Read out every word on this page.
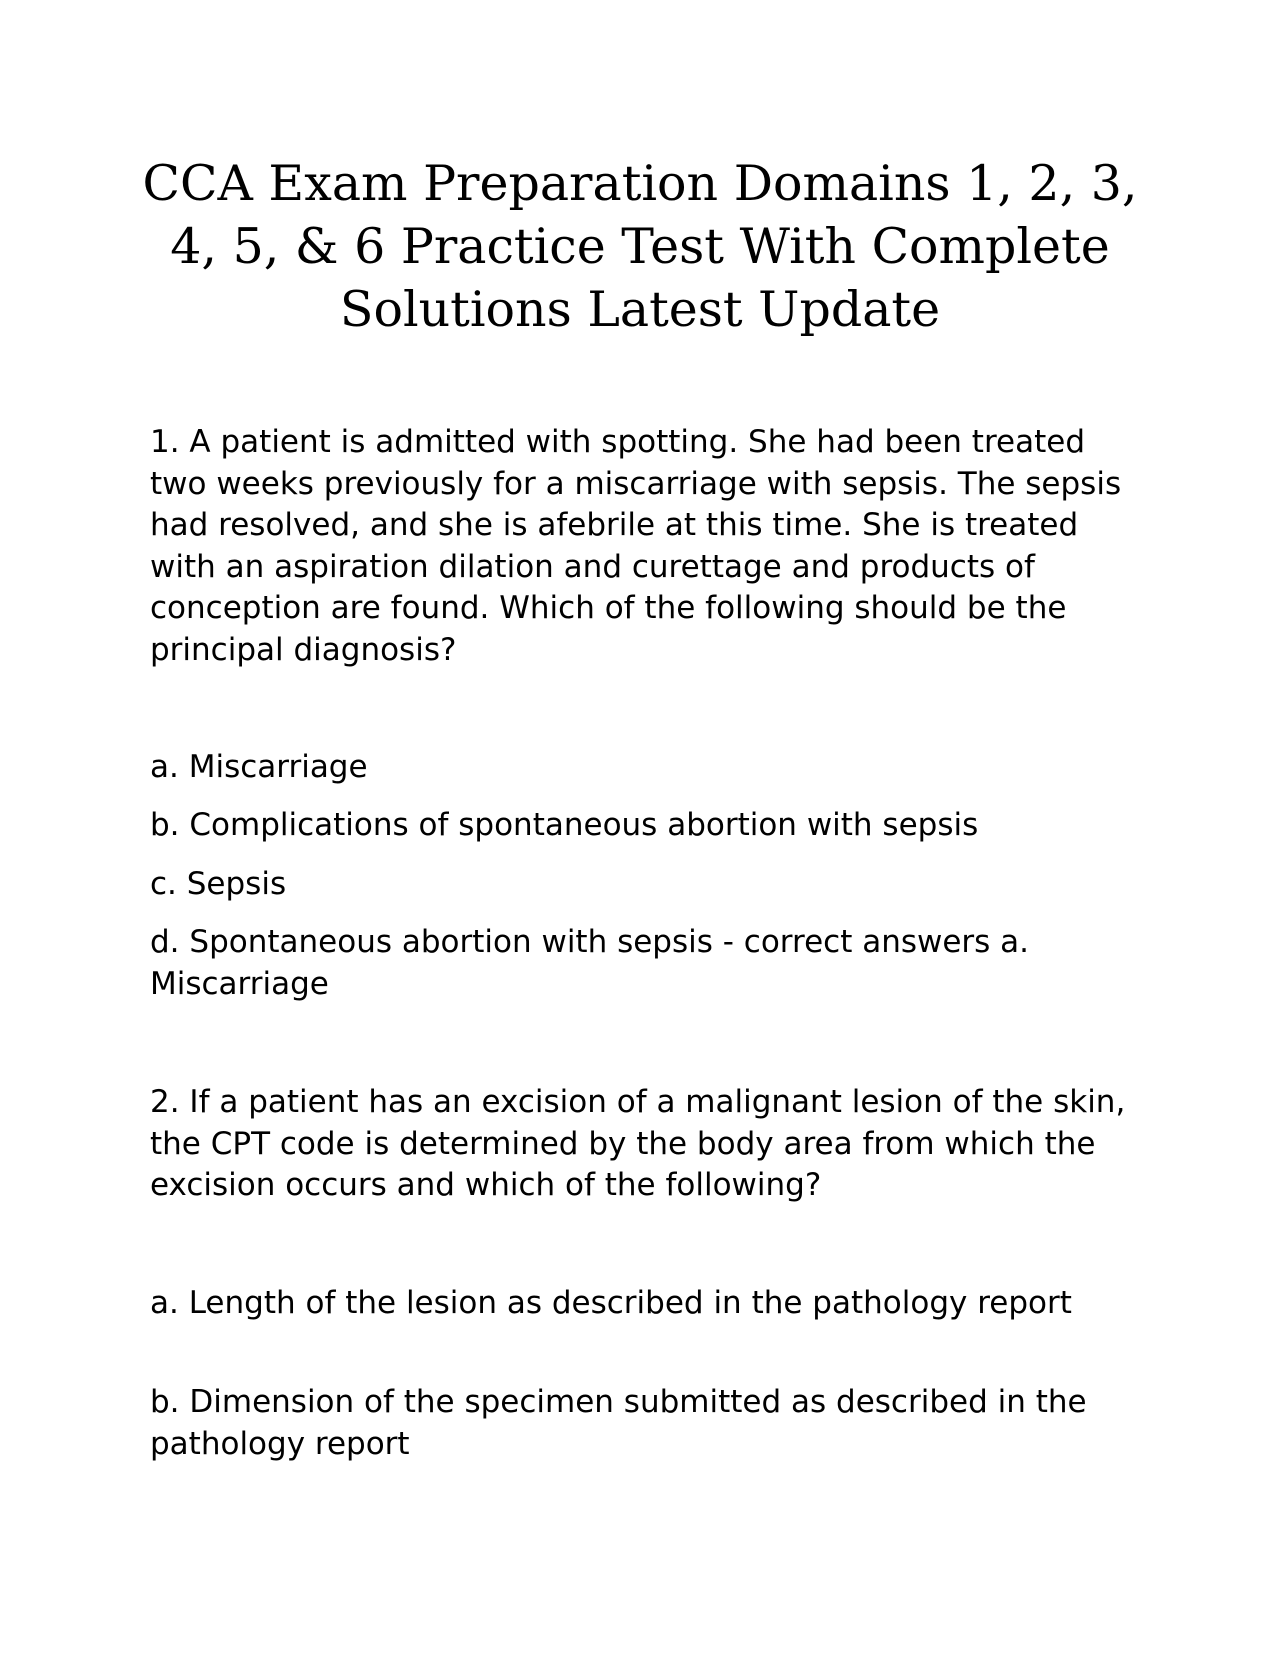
CCA Exam Preparation Domains 1, 2, 3, 4, 5, & 6 Practice Test With Complete Solutions Latest Update

1. A patient is admitted with spotting. She had been treated two weeks previously for a miscarriage with sepsis. The sepsis had resolved, and she is afebrile at this time. She is treated with an aspiration dilation and curettage and products of conception are found. Which of the following should be the principal diagnosis?

a. Miscarriage

b. Complications of spontaneous abortion with sepsis

c. Sepsis

d. Spontaneous abortion with sepsis - correct answers a. Miscarriage

2. If a patient has an excision of a malignant lesion of the skin, the CPT code is determined by the body area from which the excision occurs and which of the following?

a. Length of the lesion as described in the pathology report

b. Dimension of the specimen submitted as described in the pathology report
